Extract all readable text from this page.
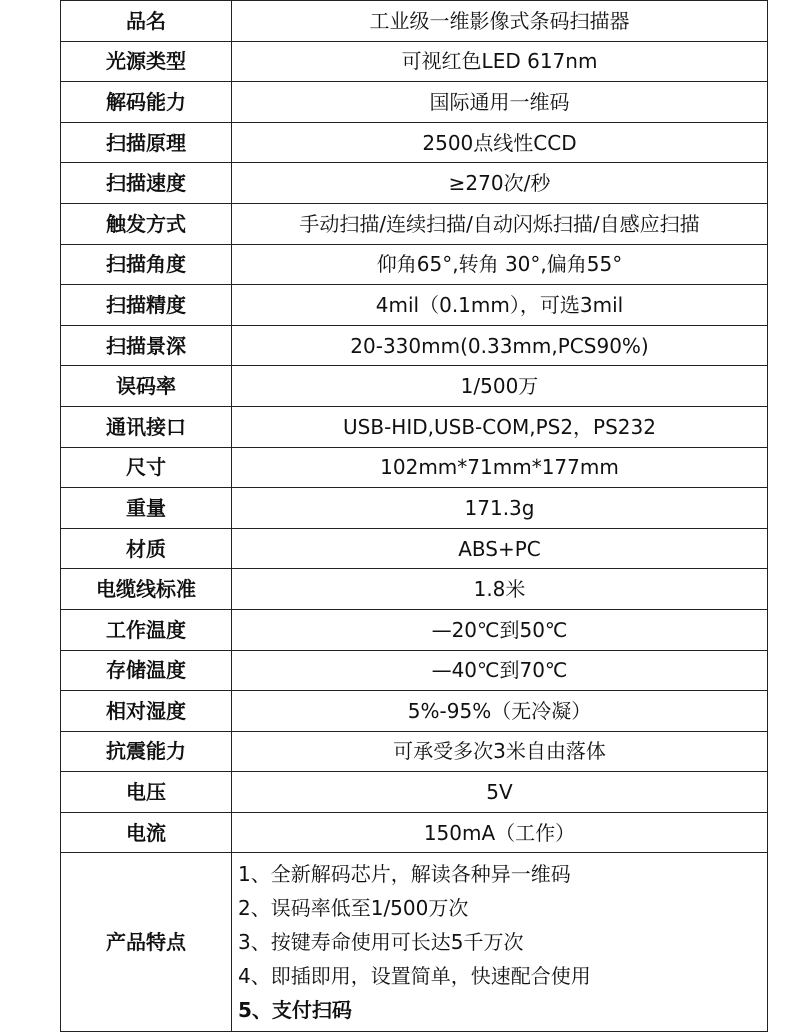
品名	工业级一维影像式条码扫描器
光源类型	可视红色LED 617nm
解码能力	国际通用一维码
扫描原理	2500点线性CCD
扫描速度	≥270次/秒
触发方式	手动扫描/连续扫描/自动闪烁扫描/自感应扫描
扫描角度	仰角65°,转角 30°,偏角55°
扫描精度	4mil（0.1mm），可选3mil
扫描景深	20-330mm(0.33mm,PCS90%)
误码率	1/500万
通讯接口	USB-HID,USB-COM,PS2，PS232
尺寸	102mm*71mm*177mm
重量	171.3g
材质	ABS+PC
电缆线标准	1.8米
工作温度	—20℃到50℃
存储温度	—40℃到70℃
相对湿度	5%-95%（无冷凝）
抗震能力	可承受多次3米自由落体
电压	5V
电流	150mA（工作）
产品特点	1、全新解码芯片，解读各种异一维码
2、误码率低至1/500万次
3、按键寿命使用可长达5千万次
4、即插即用，设置简单，快速配合使用
5、支付扫码
